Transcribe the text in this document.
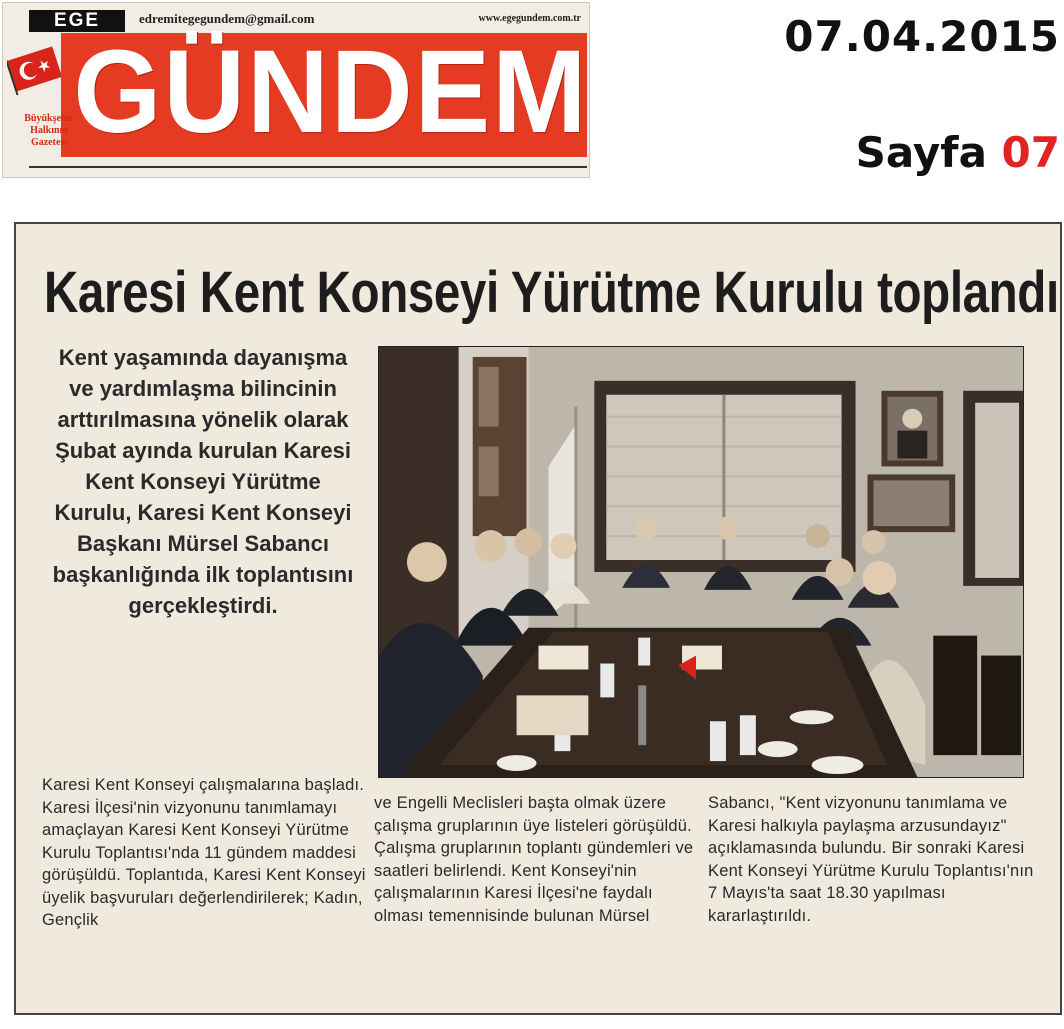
EGE	edremitegegundem@gmail.com	www.egegundem.com.tr
GÜNDEM
Büyükşehir
Halkının
Gazetesi
07.04.2015
Sayfa 07
Karesi Kent Konseyi Yürütme Kurulu toplandı
Kent yaşamında dayanışma ve yardımlaşma bilincinin arttırılmasına yönelik olarak Şubat ayında kurulan Karesi Kent Konseyi Yürütme Kurulu, Karesi Kent Konseyi Başkanı Mürsel Sabancı başkanlığında ilk toplantısını gerçekleştirdi.
Karesi Kent Konseyi çalışmalarına başladı. Karesi İlçesi'nin vizyonunu tanımlamayı amaçlayan Karesi Kent Konseyi Yürütme Kurulu Toplantısı'nda 11 gündem maddesi görüşüldü. Toplantıda, Karesi Kent Konseyi üyelik başvuruları değerlendirilerek; Kadın, Gençlik
ve Engelli Meclisleri başta olmak üzere çalışma gruplarının üye listeleri görüşüldü. Çalışma gruplarının toplantı gündemleri ve saatleri belirlendi. Kent Konseyi'nin çalışmalarının Karesi İlçesi'ne faydalı olması temennisinde bulunan Mürsel
Sabancı, "Kent vizyonunu tanımlama ve Karesi halkıyla paylaşma arzusundayız" açıklamasında bulundu. Bir sonraki Karesi Kent Konseyi Yürütme Kurulu Toplantısı'nın 7 Mayıs'ta saat 18.30 yapılması kararlaştırıldı.
